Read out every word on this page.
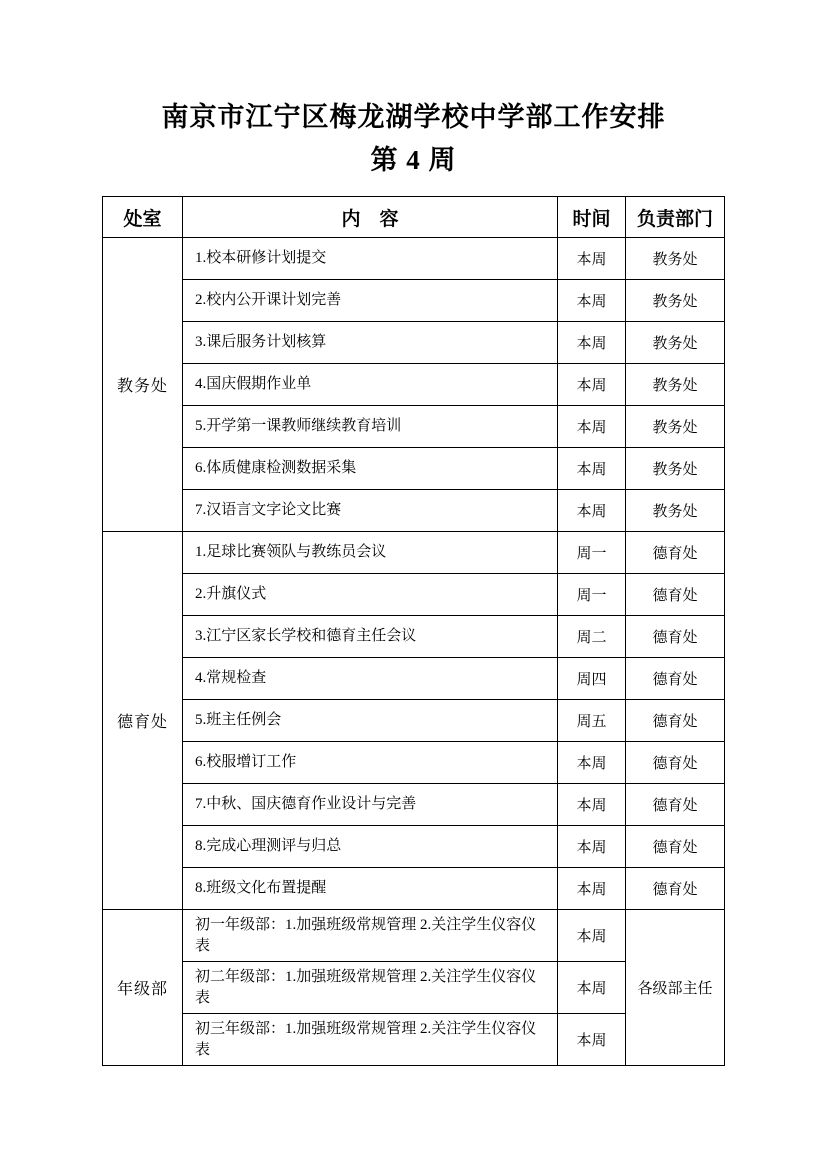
南京市江宁区梅龙湖学校中学部工作安排
第 4 周
处室	内　容	时间	负责部门
教务处	1.校本研修计划提交	本周	教务处
	2.校内公开课计划完善	本周	教务处
	3.课后服务计划核算	本周	教务处
	4.国庆假期作业单	本周	教务处
	5.开学第一课教师继续教育培训	本周	教务处
	6.体质健康检测数据采集	本周	教务处
	7.汉语言文字论文比赛	本周	教务处
德育处	1.足球比赛领队与教练员会议	周一	德育处
	2.升旗仪式	周一	德育处
	3.江宁区家长学校和德育主任会议	周二	德育处
	4.常规检查	周四	德育处
	5.班主任例会	周五	德育处
	6.校服增订工作	本周	德育处
	7.中秋、国庆德育作业设计与完善	本周	德育处
	8.完成心理测评与归总	本周	德育处
	8.班级文化布置提醒	本周	德育处
年级部	初一年级部：1.加强班级常规管理 2.关注学生仪容仪表	本周	各级部主任
	初二年级部：1.加强班级常规管理 2.关注学生仪容仪表	本周	
	初三年级部：1.加强班级常规管理 2.关注学生仪容仪表	本周	
